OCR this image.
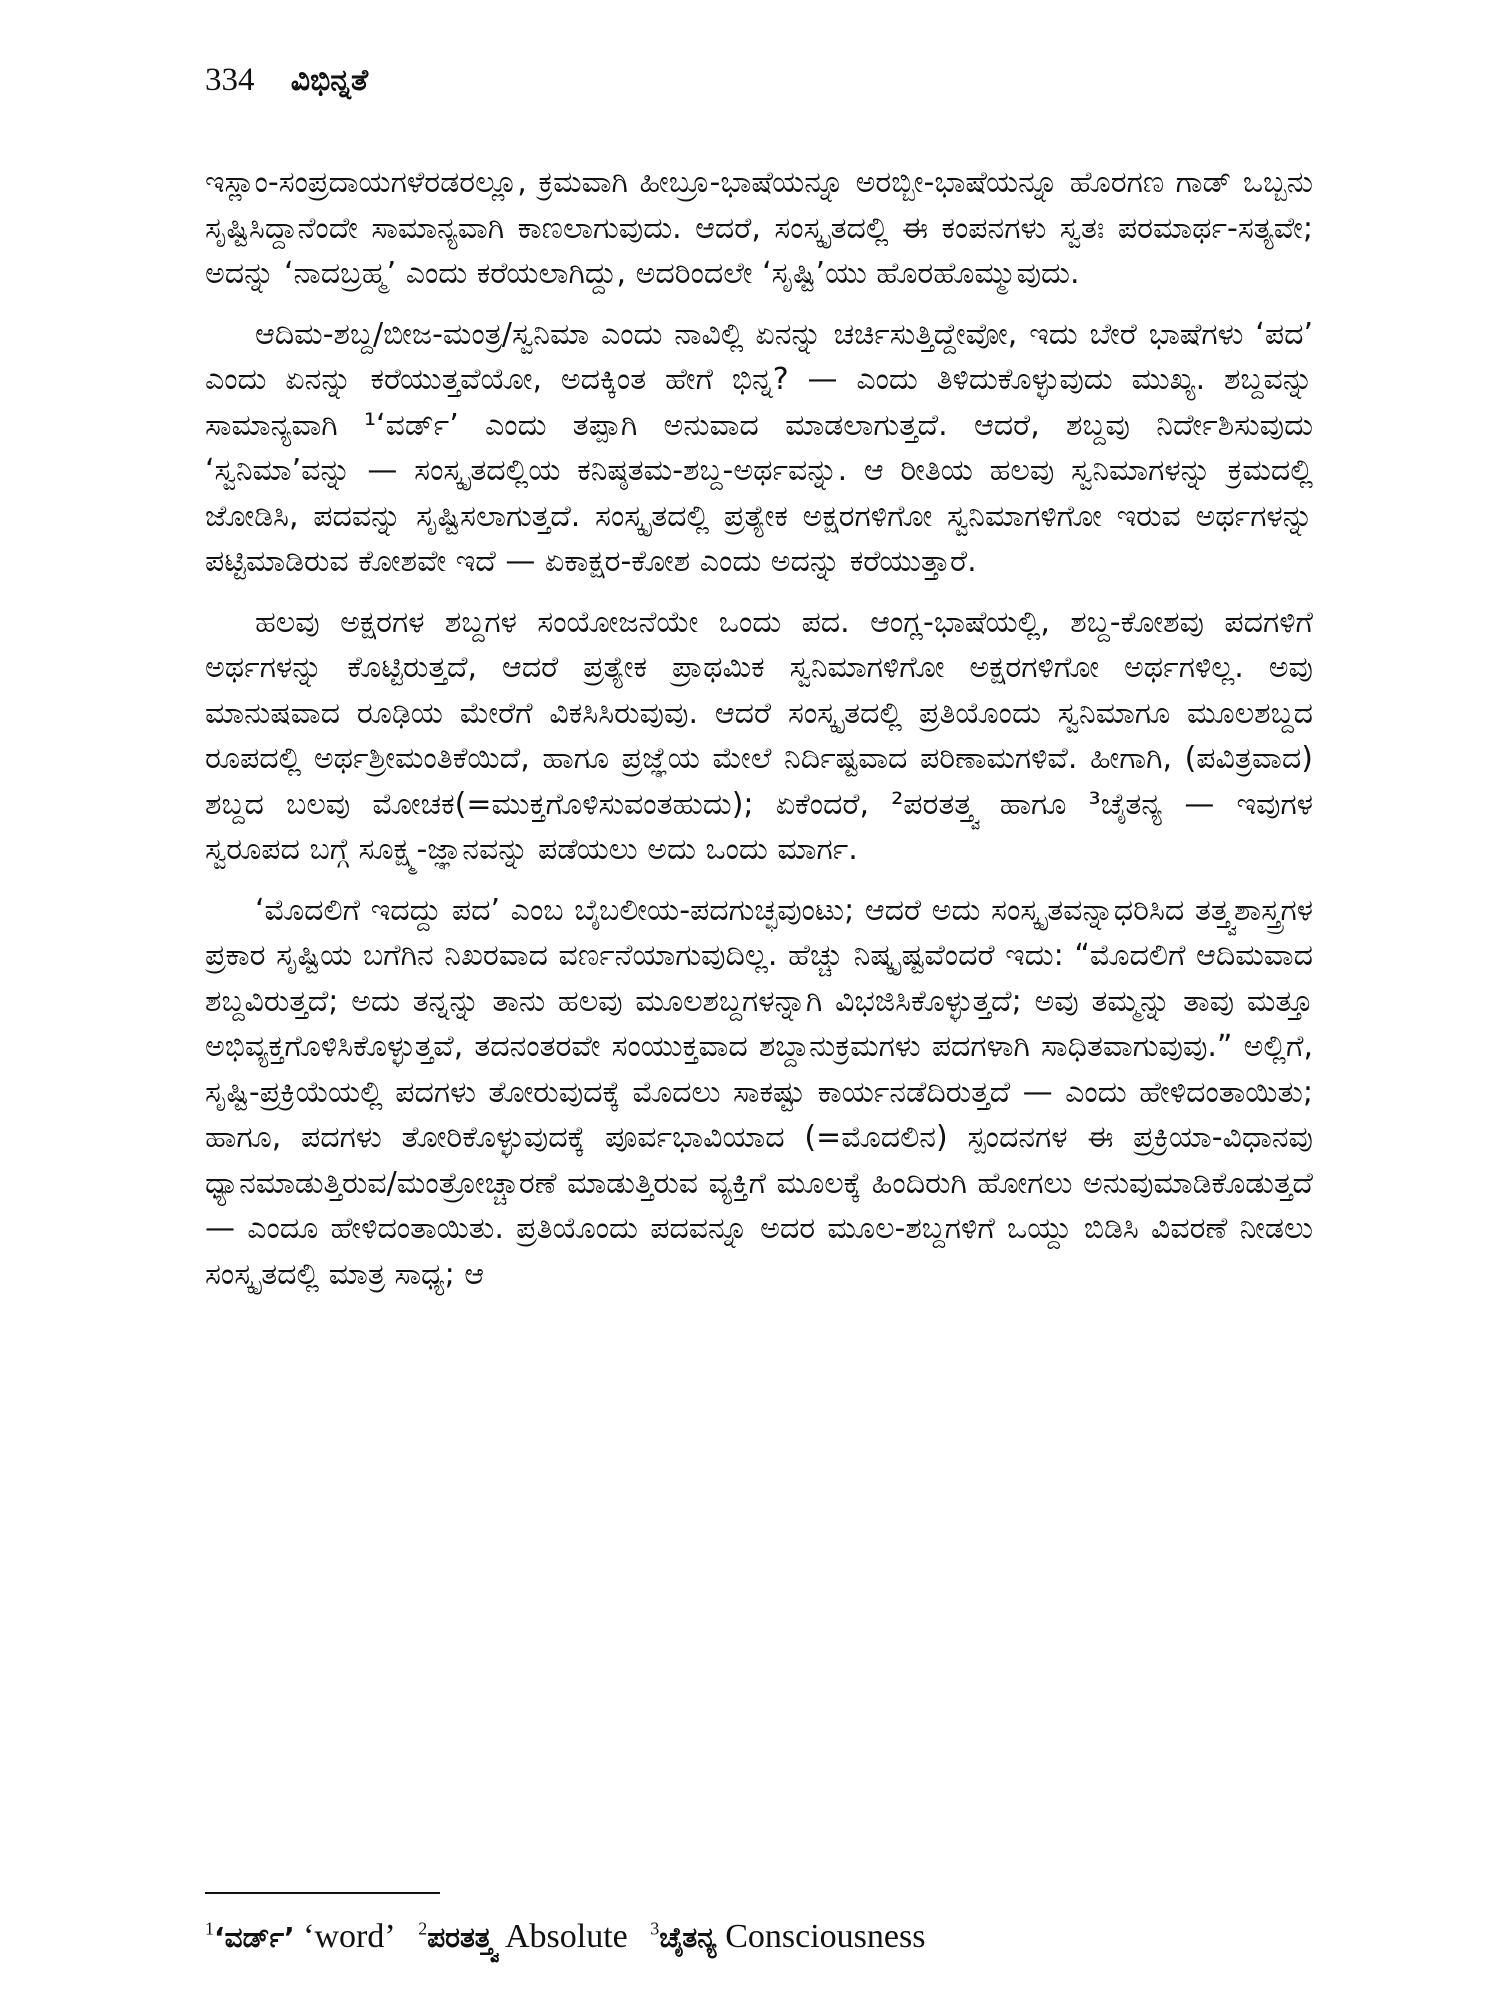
334 ವಿಭಿನ್ನತೆ

ಇಸ್ಲಾಂ-ಸಂಪ್ರದಾಯಗಳೆರಡರಲ್ಲೂ, ಕ್ರಮವಾಗಿ ಹೀಬ್ರೂ-ಭಾಷೆಯನ್ನೂ ಅರಬ್ಬೀ-ಭಾಷೆಯನ್ನೂ ಹೊರಗಣ ಗಾಡ್ ಒಬ್ಬನು ಸೃಷ್ಟಿಸಿದ್ದಾನೆಂದೇ ಸಾಮಾನ್ಯವಾಗಿ ಕಾಣಲಾಗುವುದು. ಆದರೆ, ಸಂಸ್ಕೃತದಲ್ಲಿ ಈ ಕಂಪನಗಳು ಸ್ವತಃ ಪರಮಾರ್ಥ-ಸತ್ಯವೇ; ಅದನ್ನು ‘ನಾದಬ್ರಹ್ಮ’ ಎಂದು ಕರೆಯಲಾಗಿದ್ದು, ಅದರಿಂದಲೇ ‘ಸೃಷ್ಟಿ’ಯು ಹೊರಹೊಮ್ಮುವುದು.

ಆದಿಮ-ಶಬ್ದ/ಬೀಜ-ಮಂತ್ರ/ಸ್ವನಿಮಾ ಎಂದು ನಾವಿಲ್ಲಿ ಏನನ್ನು ಚರ್ಚಿಸುತ್ತಿದ್ದೇವೋ, ಇದು ಬೇರೆ ಭಾಷೆಗಳು ‘ಪದ’ ಎಂದು ಏನನ್ನು ಕರೆಯುತ್ತವೆಯೋ, ಅದಕ್ಕಿಂತ ಹೇಗೆ ಭಿನ್ನ? — ಎಂದು ತಿಳಿದುಕೊಳ್ಳುವುದು ಮುಖ್ಯ. ಶಬ್ದವನ್ನು ಸಾಮಾನ್ಯವಾಗಿ ¹‘ವರ್ಡ್’ ಎಂದು ತಪ್ಪಾಗಿ ಅನುವಾದ ಮಾಡಲಾಗುತ್ತದೆ. ಆದರೆ, ಶಬ್ದವು ನಿರ್ದೇಶಿಸುವುದು ‘ಸ್ವನಿಮಾ’ವನ್ನು — ಸಂಸ್ಕೃತದಲ್ಲಿಯ ಕನಿಷ್ಠತಮ-ಶಬ್ದ-ಅರ್ಥವನ್ನು. ಆ ರೀತಿಯ ಹಲವು ಸ್ವನಿಮಾಗಳನ್ನು ಕ್ರಮದಲ್ಲಿ ಜೋಡಿಸಿ, ಪದವನ್ನು ಸೃಷ್ಟಿಸಲಾಗುತ್ತದೆ. ಸಂಸ್ಕೃತದಲ್ಲಿ ಪ್ರತ್ಯೇಕ ಅಕ್ಷರಗಳಿಗೋ ಸ್ವನಿಮಾಗಳಿಗೋ ಇರುವ ಅರ್ಥಗಳನ್ನು ಪಟ್ಟಿಮಾಡಿರುವ ಕೋಶವೇ ಇದೆ — ಏಕಾಕ್ಷರ-ಕೋಶ ಎಂದು ಅದನ್ನು ಕರೆಯುತ್ತಾರೆ.

ಹಲವು ಅಕ್ಷರಗಳ ಶಬ್ದಗಳ ಸಂಯೋಜನೆಯೇ ಒಂದು ಪದ. ಆಂಗ್ಲ-ಭಾಷೆಯಲ್ಲಿ, ಶಬ್ದ-ಕೋಶವು ಪದಗಳಿಗೆ ಅರ್ಥಗಳನ್ನು ಕೊಟ್ಟಿರುತ್ತದೆ, ಆದರೆ ಪ್ರತ್ಯೇಕ ಪ್ರಾಥಮಿಕ ಸ್ವನಿಮಾಗಳಿಗೋ ಅಕ್ಷರಗಳಿಗೋ ಅರ್ಥಗಳಿಲ್ಲ. ಅವು ಮಾನುಷವಾದ ರೂಢಿಯ ಮೇರೆಗೆ ವಿಕಸಿಸಿರುವುವು. ಆದರೆ ಸಂಸ್ಕೃತದಲ್ಲಿ ಪ್ರತಿಯೊಂದು ಸ್ವನಿಮಾಗೂ ಮೂಲಶಬ್ದದ ರೂಪದಲ್ಲಿ ಅರ್ಥಶ್ರೀಮಂತಿಕೆಯಿದೆ, ಹಾಗೂ ಪ್ರಜ್ಞೆಯ ಮೇಲೆ ನಿರ್ದಿಷ್ಟವಾದ ಪರಿಣಾಮಗಳಿವೆ. ಹೀಗಾಗಿ, (ಪವಿತ್ರವಾದ) ಶಬ್ದದ ಬಲವು ಮೋಚಕ(=ಮುಕ್ತಗೊಳಿಸುವಂತಹುದು); ಏಕೆಂದರೆ, ²ಪರತತ್ತ್ವ ಹಾಗೂ ³ಚೈತನ್ಯ — ಇವುಗಳ ಸ್ವರೂಪದ ಬಗ್ಗೆ ಸೂಕ್ಷ್ಮ-ಜ್ಞಾನವನ್ನು ಪಡೆಯಲು ಅದು ಒಂದು ಮಾರ್ಗ.

‘ಮೊದಲಿಗೆ ಇದದ್ದು ಪದ’ ಎಂಬ ಬೈಬಲೀಯ-ಪದಗುಚ್ಛವುಂಟು; ಆದರೆ ಅದು ಸಂಸ್ಕೃತವನ್ನಾಧರಿಸಿದ ತತ್ತ್ವಶಾಸ್ತ್ರಗಳ ಪ್ರಕಾರ ಸೃಷ್ಟಿಯ ಬಗೆಗಿನ ನಿಖರವಾದ ವರ್ಣನೆಯಾಗುವುದಿಲ್ಲ. ಹೆಚ್ಚು ನಿಷ್ಕೃಷ್ಟವೆಂದರೆ ಇದು: “ಮೊದಲಿಗೆ ಆದಿಮವಾದ ಶಬ್ದವಿರುತ್ತದೆ; ಅದು ತನ್ನನ್ನು ತಾನು ಹಲವು ಮೂಲಶಬ್ದಗಳನ್ನಾಗಿ ವಿಭಜಿಸಿಕೊಳ್ಳುತ್ತದೆ; ಅವು ತಮ್ಮನ್ನು ತಾವು ಮತ್ತೂ ಅಭಿವ್ಯಕ್ತಗೊಳಿಸಿಕೊಳ್ಳುತ್ತವೆ, ತದನಂತರವೇ ಸಂಯುಕ್ತವಾದ ಶಬ್ದಾನುಕ್ರಮಗಳು ಪದಗಳಾಗಿ ಸಾಧಿತವಾಗುವುವು.” ಅಲ್ಲಿಗೆ, ಸೃಷ್ಟಿ-ಪ್ರಕ್ರಿಯೆಯಲ್ಲಿ ಪದಗಳು ತೋರುವುದಕ್ಕೆ ಮೊದಲು ಸಾಕಷ್ಟು ಕಾರ್ಯನಡೆದಿರುತ್ತದೆ — ಎಂದು ಹೇಳಿದಂತಾಯಿತು; ಹಾಗೂ, ಪದಗಳು ತೋರಿಕೊಳ್ಳುವುದಕ್ಕೆ ಪೂರ್ವಭಾವಿಯಾದ (=ಮೊದಲಿನ) ಸ್ಪಂದನಗಳ ಈ ಪ್ರಕ್ರಿಯಾ-ವಿಧಾನವು ಧ್ಯಾನಮಾಡುತ್ತಿರುವ/ಮಂತ್ರೋಚ್ಚಾರಣೆ ಮಾಡುತ್ತಿರುವ ವ್ಯಕ್ತಿಗೆ ಮೂಲಕ್ಕೆ ಹಿಂದಿರುಗಿ ಹೋಗಲು ಅನುವುಮಾಡಿಕೊಡುತ್ತದೆ — ಎಂದೂ ಹೇಳಿದಂತಾಯಿತು. ಪ್ರತಿಯೊಂದು ಪದವನ್ನೂ ಅದರ ಮೂಲ-ಶಬ್ದಗಳಿಗೆ ಒಯ್ದು ಬಿಡಿಸಿ ವಿವರಣೆ ನೀಡಲು ಸಂಸ್ಕೃತದಲ್ಲಿ ಮಾತ್ರ ಸಾಧ್ಯ; ಆ

$^1$‘ವರ್ಡ್’ ‘word’ $^2$ಪರತತ್ತ್ವ Absolute $^3$ಚೈತನ್ಯ Consciousness
